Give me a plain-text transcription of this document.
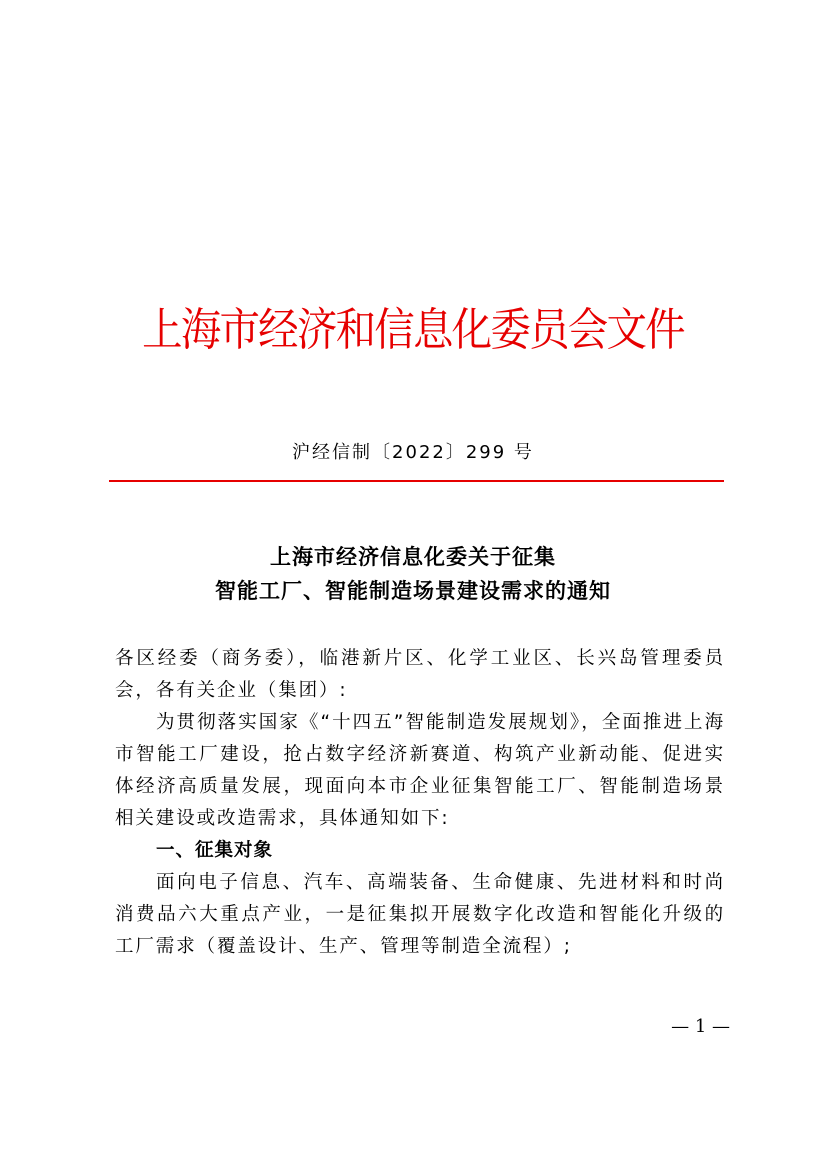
上海市经济和信息化委员会文件
沪经信制〔2022〕299 号
上海市经济信息化委关于征集
智能工厂、智能制造场景建设需求的通知

各区经委（商务委），临港新片区、化学工业区、长兴岛管理委员会，各有关企业（集团）:

为贯彻落实国家《“十四五”智能制造发展规划》，全面推进上海市智能工厂建设，抢占数字经济新赛道、构筑产业新动能、促进实体经济高质量发展，现面向本市企业征集智能工厂、智能制造场景相关建设或改造需求，具体通知如下:

一、征集对象

面向电子信息、汽车、高端装备、生命健康、先进材料和时尚消费品六大重点产业，一是征集拟开展数字化改造和智能化升级的工厂需求（覆盖设计、生产、管理等制造全流程）;

— 1 —
